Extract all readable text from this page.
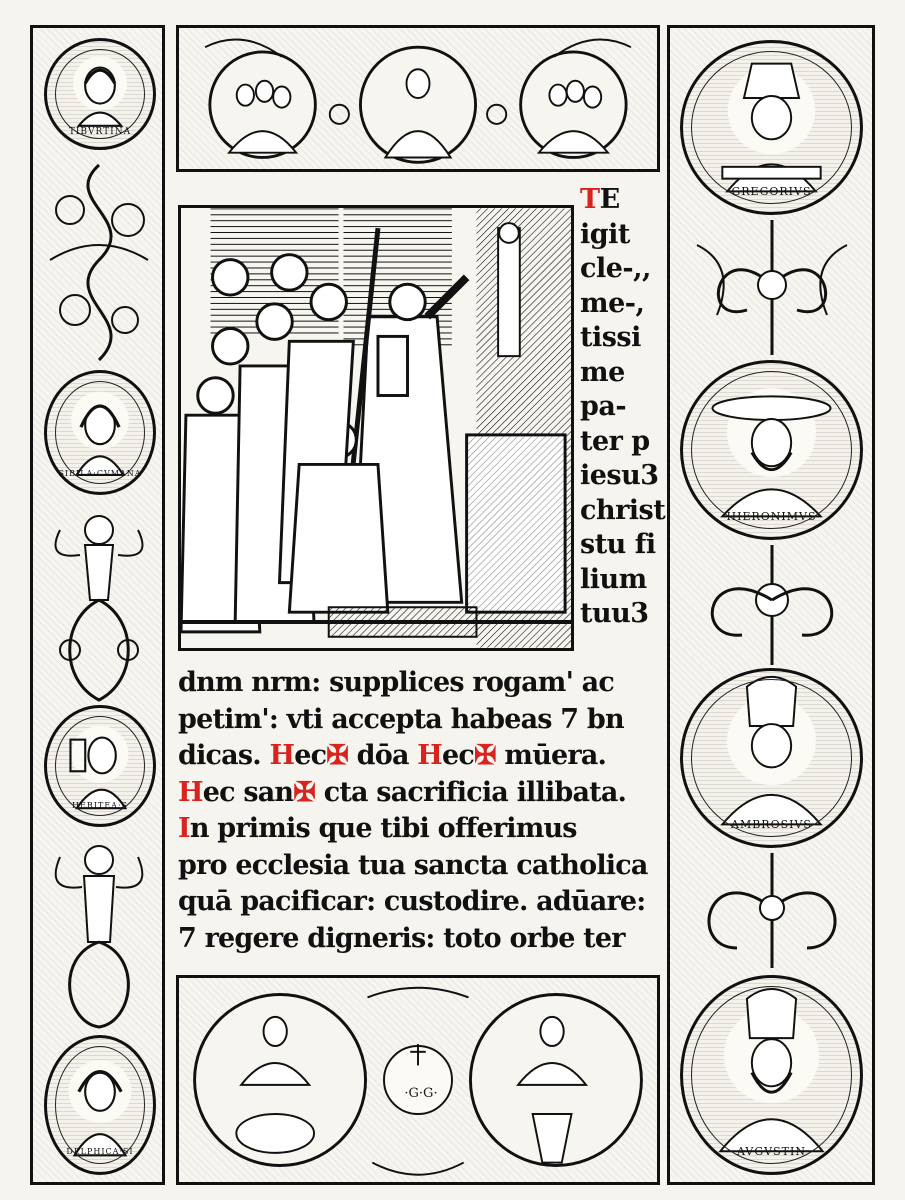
TIBVRTINA
SIBILA·CVMANA
HERITEA·S
DELPHICA·SI
TE
igit
cle-,,
me-,
tissi
me
pa-
ter p
iesu3
christ
stu fi
lium
tuu3
dnm nrm: supplices rogam' ac
petim': vti accepta habeas 7 bn
dicas. Hec✠ dōa Hec✠ mūera.
Hec san✠ cta sacrificia illibata.
In primis que tibi offerimus
pro ecclesia tua sancta catholica
quā pacificar: custodire. adūare:
7 regere digneris: toto orbe ter
·G·G·
GREGORIVS
HIERONIMVS
AMBROSIVS
AVGVSTIN
